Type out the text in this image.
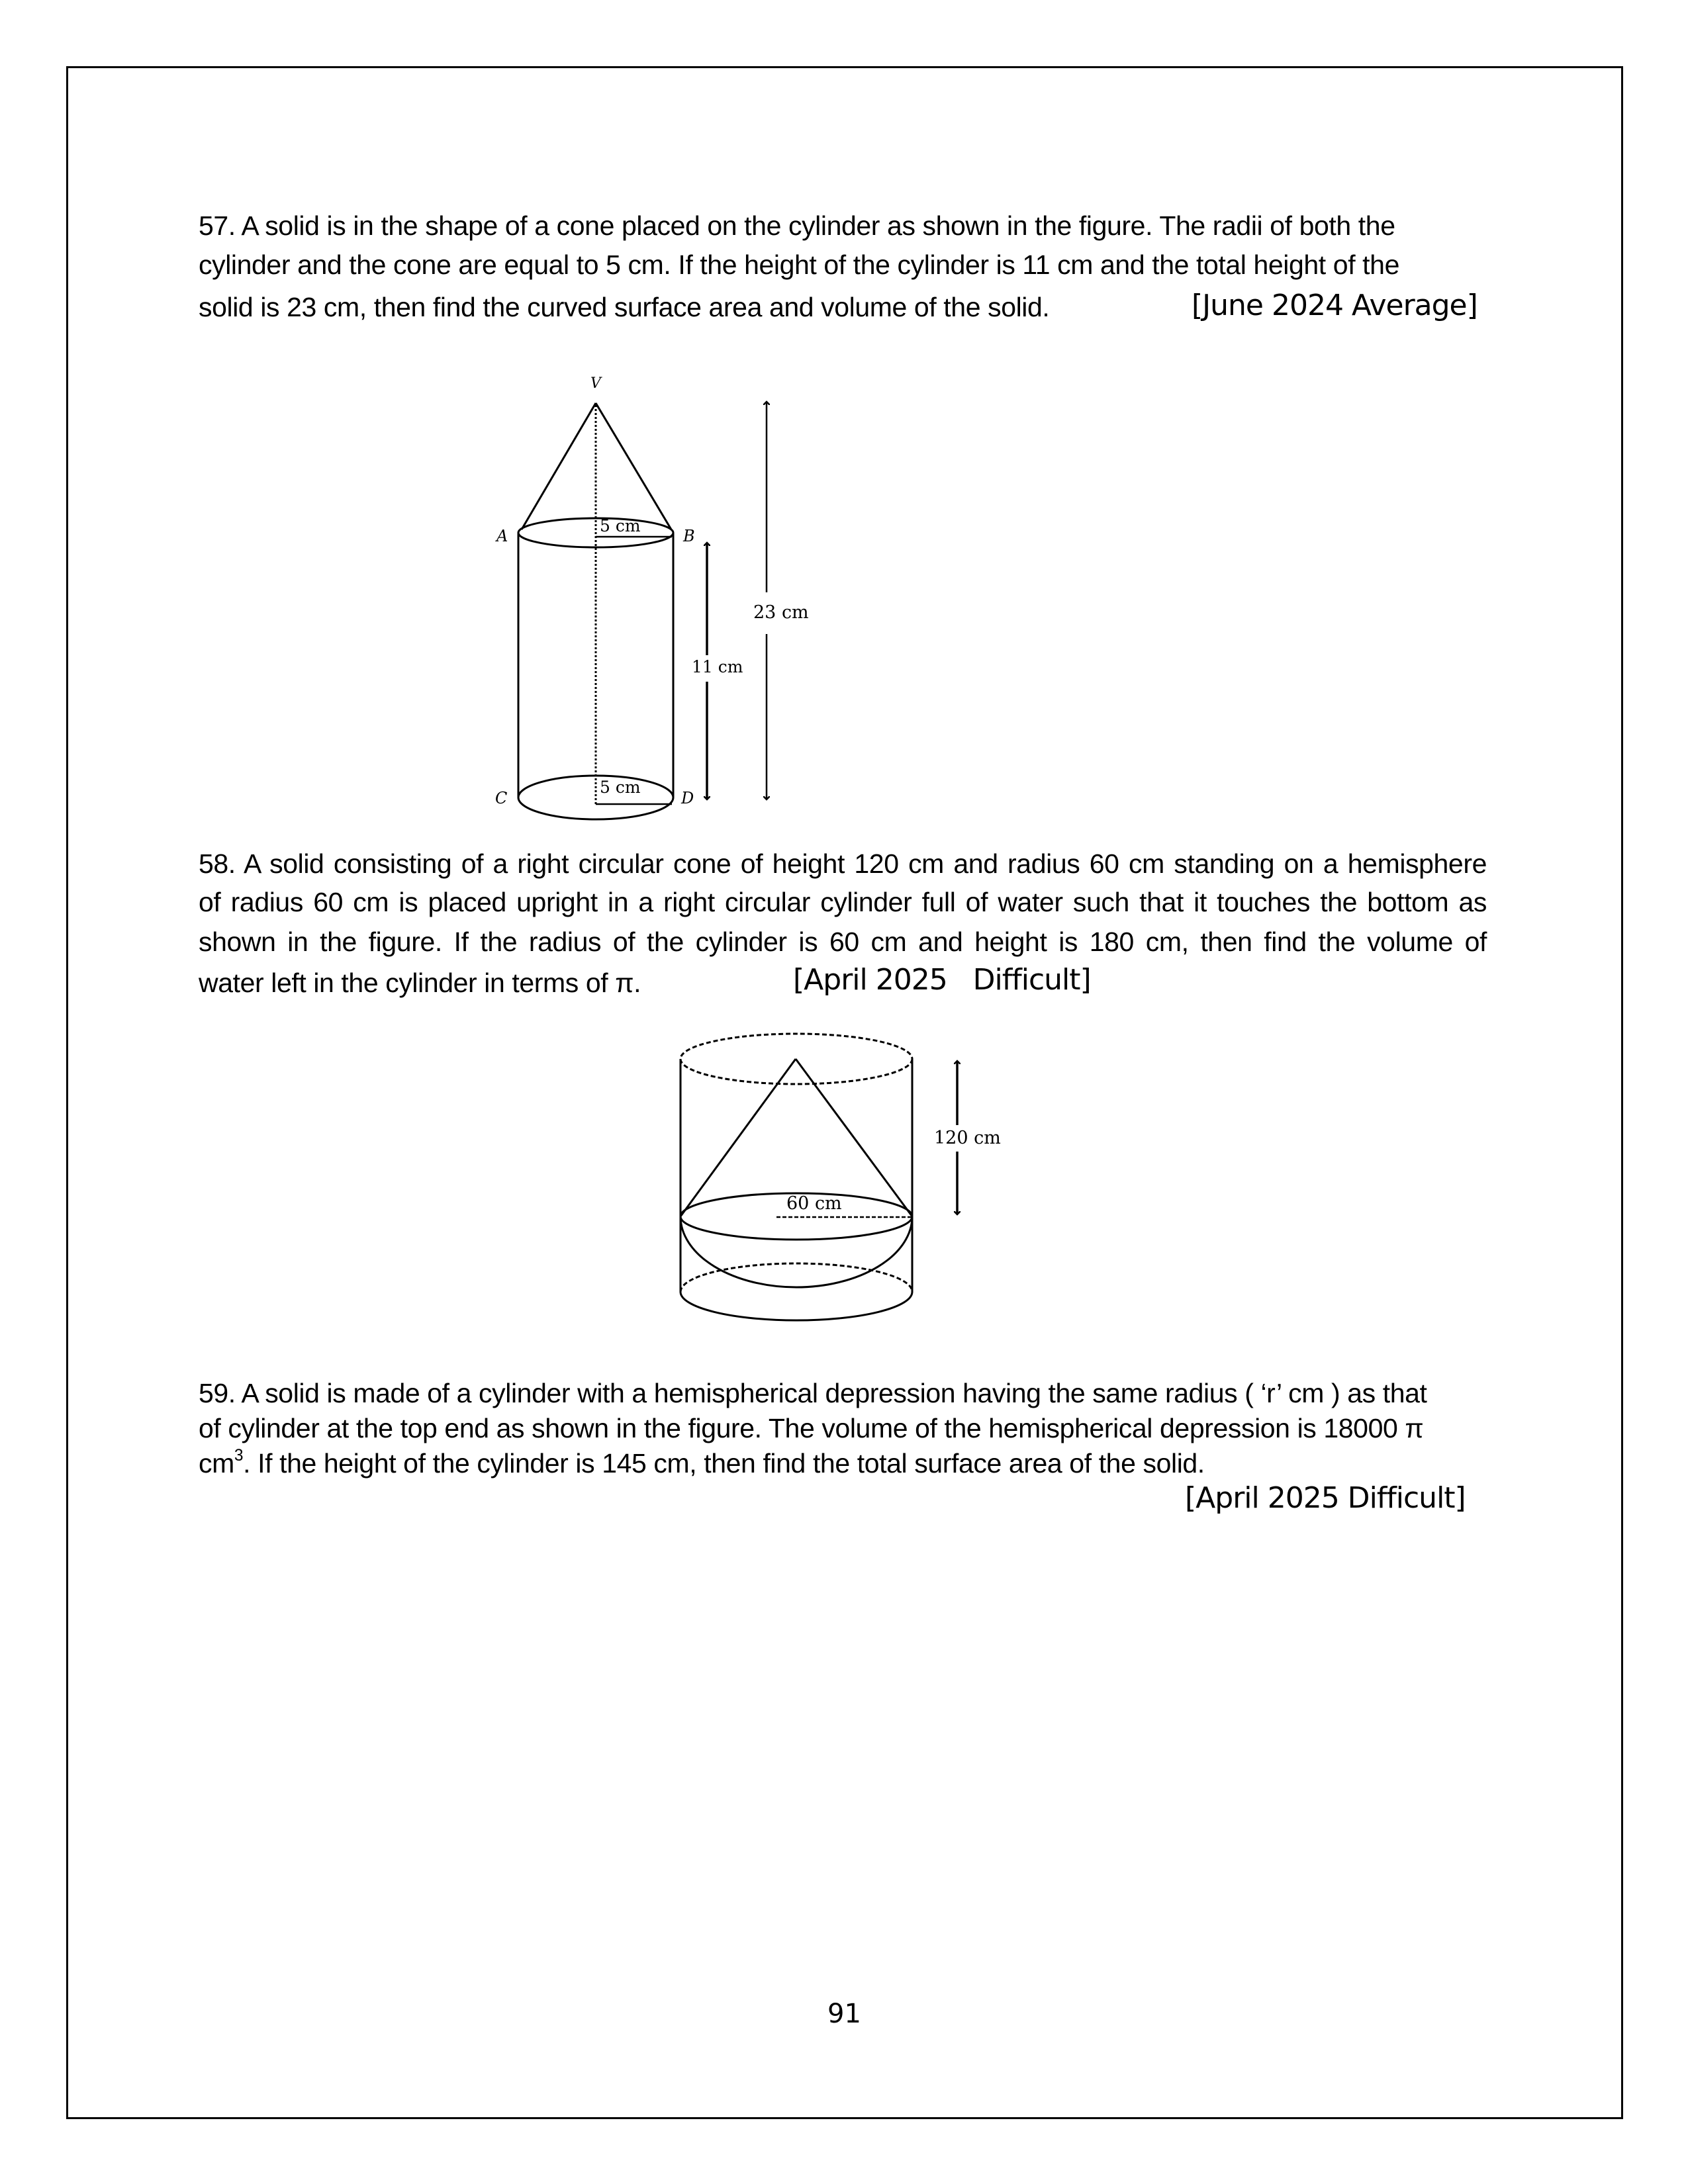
57. A solid is in the shape of a cone placed on the cylinder as shown in the figure. The radii of both the
cylinder and the cone are equal to 5 cm. If the height of the cylinder is 11 cm and the total height of the
solid is 23 cm, then find the curved surface area and volume of the solid.	[June 2024 Average]
V
A	B
C	D
5 cm
5 cm
11 cm
23 cm
58. A solid consisting of a right circular cone of height 120 cm and radius 60 cm standing on a hemisphere
of radius 60 cm is placed upright in a right circular cylinder full of water such that it touches the bottom as
shown in the figure. If the radius of the cylinder is 60 cm and height is 180 cm, then find the volume of
water left in the cylinder in terms of π.	[April 2025   Difficult]
60 cm
120 cm
59. A solid is made of a cylinder with a hemispherical depression having the same radius ( ‘r’ cm ) as that
of cylinder at the top end as shown in the figure. The volume of the hemispherical depression is 18000 π
$cm^3$. If the height of the cylinder is 145 cm, then find the total surface area of the solid.
[April 2025 Difficult]
91
